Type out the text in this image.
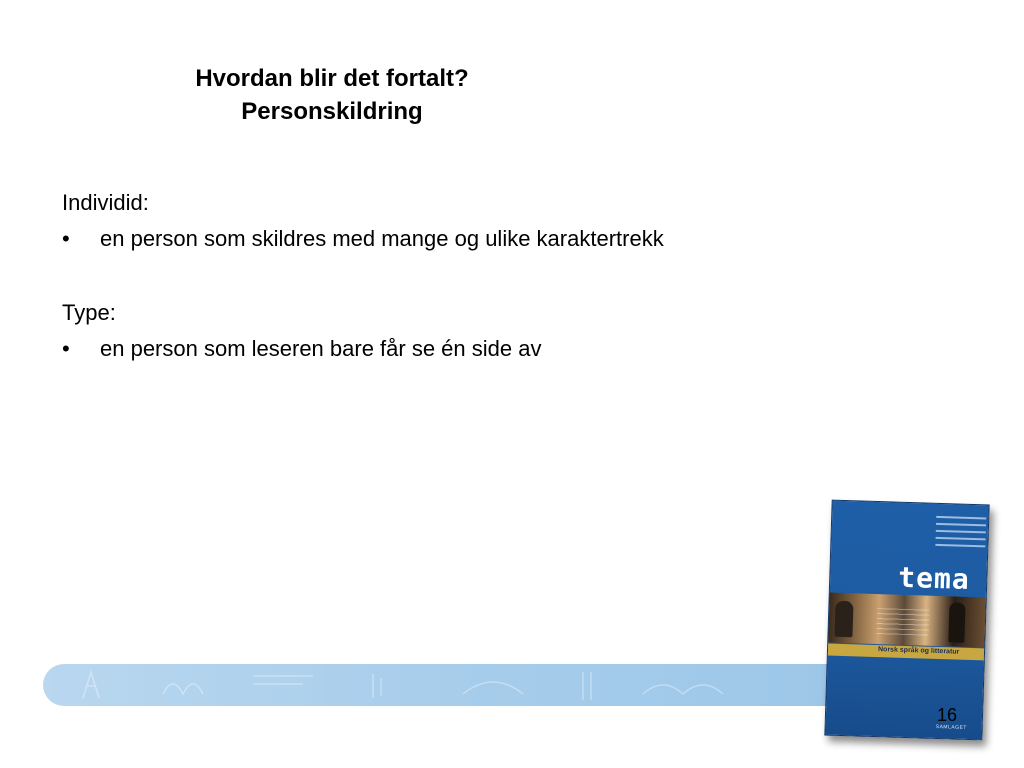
Hvordan blir det fortalt?
Personskildring
Individid:
• en person som skildres med mange og ulike karaktertrekk
Type:
• en person som leseren bare får se én side av
tema
Norsk språk og litteratur
SAMLAGET
16
